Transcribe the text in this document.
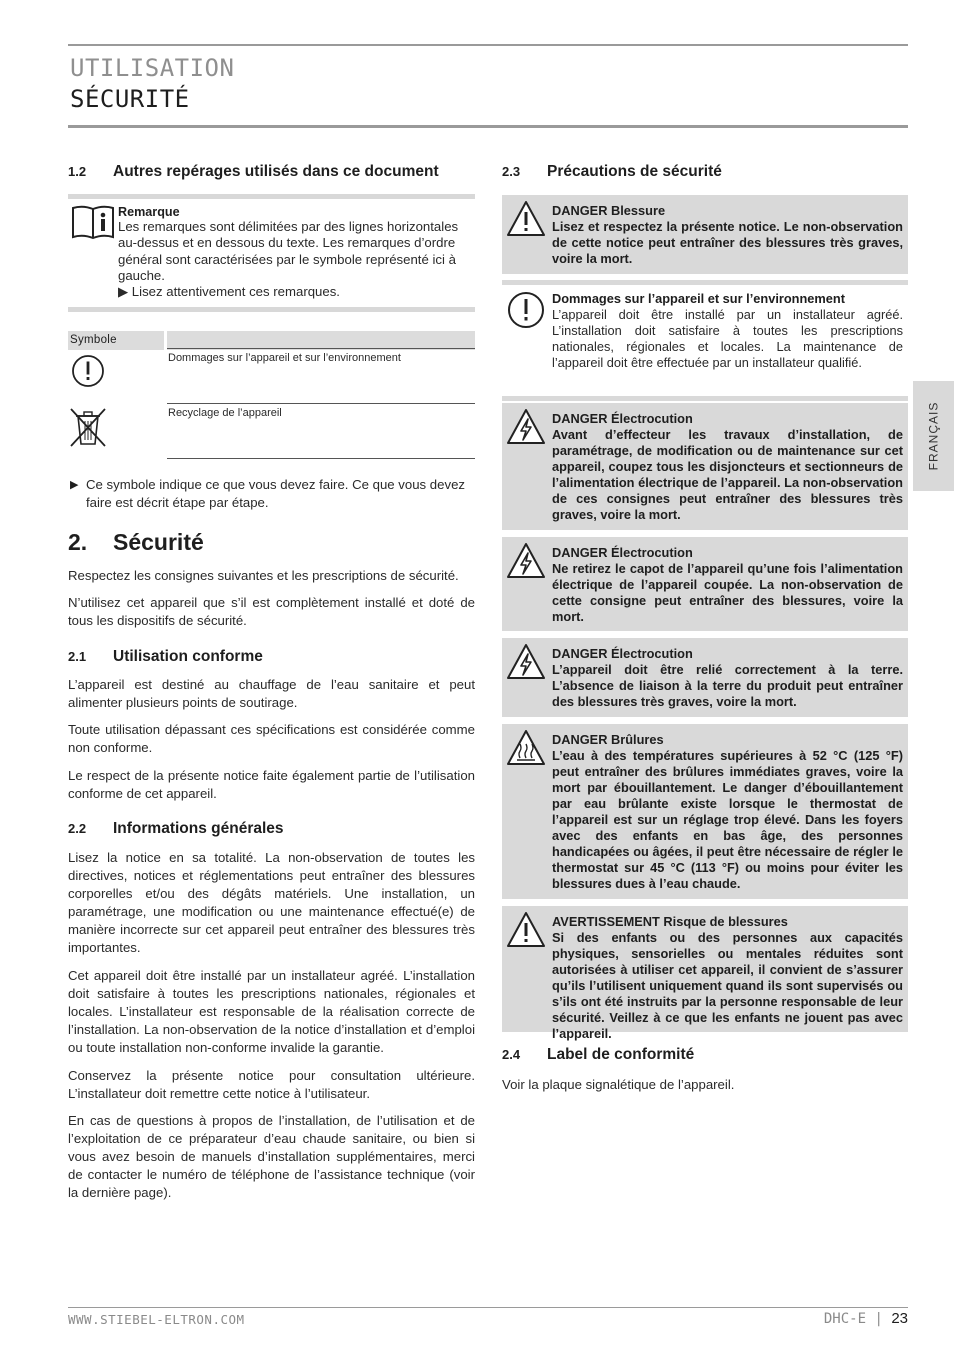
UTILISATION
SÉCURITÉ
FRANÇAIS
1.2 Autres repérages utilisés dans ce document
Remarque
Les remarques sont délimitées par des lignes horizontales au-dessus et en dessous du texte. Les remarques d’ordre général sont caractérisées par le symbole représenté ici à gauche.
▶ Lisez attentivement ces remarques.
Symbole
Dommages sur l’appareil et sur l’environnement
Recyclage de l’appareil
▶ Ce symbole indique ce que vous devez faire. Ce que vous devez faire est décrit étape par étape.
2. Sécurité

Respectez les consignes suivantes et les prescriptions de sécurité.

N’utilisez cet appareil que s’il est complètement installé et doté de tous les dispositifs de sécurité.

2.1 Utilisation conforme

L’appareil est destiné au chauffage de l’eau sanitaire et peut alimenter plusieurs points de soutirage.

Toute utilisation dépassant ces spécifications est considérée comme non conforme.

Le respect de la présente notice faite également partie de l’utilisation conforme de cet appareil.

2.2 Informations générales

Lisez la notice en sa totalité. La non-observation de toutes les directives, notices et réglementations peut entraîner des blessures corporelles et/ou des dégâts matériels. Une installation, un paramétrage, une modification ou une maintenance effectué(e) de manière incorrecte sur cet appareil peut entraîner des blessures très importantes.

Cet appareil doit être installé par un installateur agréé. L’installation doit satisfaire à toutes les prescriptions nationales, régionales et locales. L’installateur est responsable de la réalisation correcte de l’installation. La non-observation de la notice d’installation et d’emploi ou toute installation non-conforme invalide la garantie.

Conservez la présente notice pour consultation ultérieure. L’installateur doit remettre cette notice à l’utilisateur.

En cas de questions à propos de l’installation, de l’utilisation et de l’exploitation de ce préparateur d’eau chaude sanitaire, ou bien si vous avez besoin de manuels d’installation supplémentaires, merci de contacter le numéro de téléphone de l’assistance technique (voir la dernière page).

2.3 Précautions de sécurité
DANGER Blessure
Lisez et respectez la présente notice. Le non-observation de cette notice peut entraîner des blessures très graves, voire la mort.
Dommages sur l’appareil et sur l’environnement
L’appareil doit être installé par un installateur agréé. L’installation doit satisfaire à toutes les prescriptions nationales, régionales et locales. La maintenance de l’appareil doit être effectuée par un installateur qualifié.
DANGER Électrocution
Avant d’effecteur les travaux d’installation, de paramétrage, de modification ou de maintenance sur cet appareil, coupez tous les disjoncteurs et sectionneurs de l’alimentation électrique de l’appareil. La non-observation de ces consignes peut entraîner des blessures très graves, voire la mort.
DANGER Électrocution
Ne retirez le capot de l’appareil qu’une fois l’alimentation électrique de l’appareil coupée. La non-observation de cette consigne peut entraîner des blessures, voire la mort.
DANGER Électrocution
L’appareil doit être relié correctement à la terre. L’absence de liaison à la terre du produit peut entraîner des blessures très graves, voire la mort.
DANGER Brûlures
L’eau à des températures supérieures à 52 °C (125 °F) peut entraîner des brûlures immédiates graves, voire la mort par ébouillantement. Le danger d’ébouillantement par eau brûlante existe lorsque le thermostat de l’appareil est sur un réglage trop élevé. Dans les foyers avec des enfants en bas âge, des personnes handicapées ou âgées, il peut être nécessaire de régler le thermostat sur 45 °C (113 °F) ou moins pour éviter les blessures dues à l’eau chaude.
AVERTISSEMENT Risque de blessures
Si des enfants ou des personnes aux capacités physiques, sensorielles ou mentales réduites sont autorisées à utiliser cet appareil, il convient de s’assurer qu’ils l’utilisent uniquement quand ils sont supervisés ou s’ils ont été instruits par la personne responsable de leur sécurité. Veillez à ce que les enfants ne jouent pas avec l’appareil.
2.4 Label de conformité

Voir la plaque signalétique de l’appareil.

WWW.STIEBEL-ELTRON.COM	DHC-E | 23
